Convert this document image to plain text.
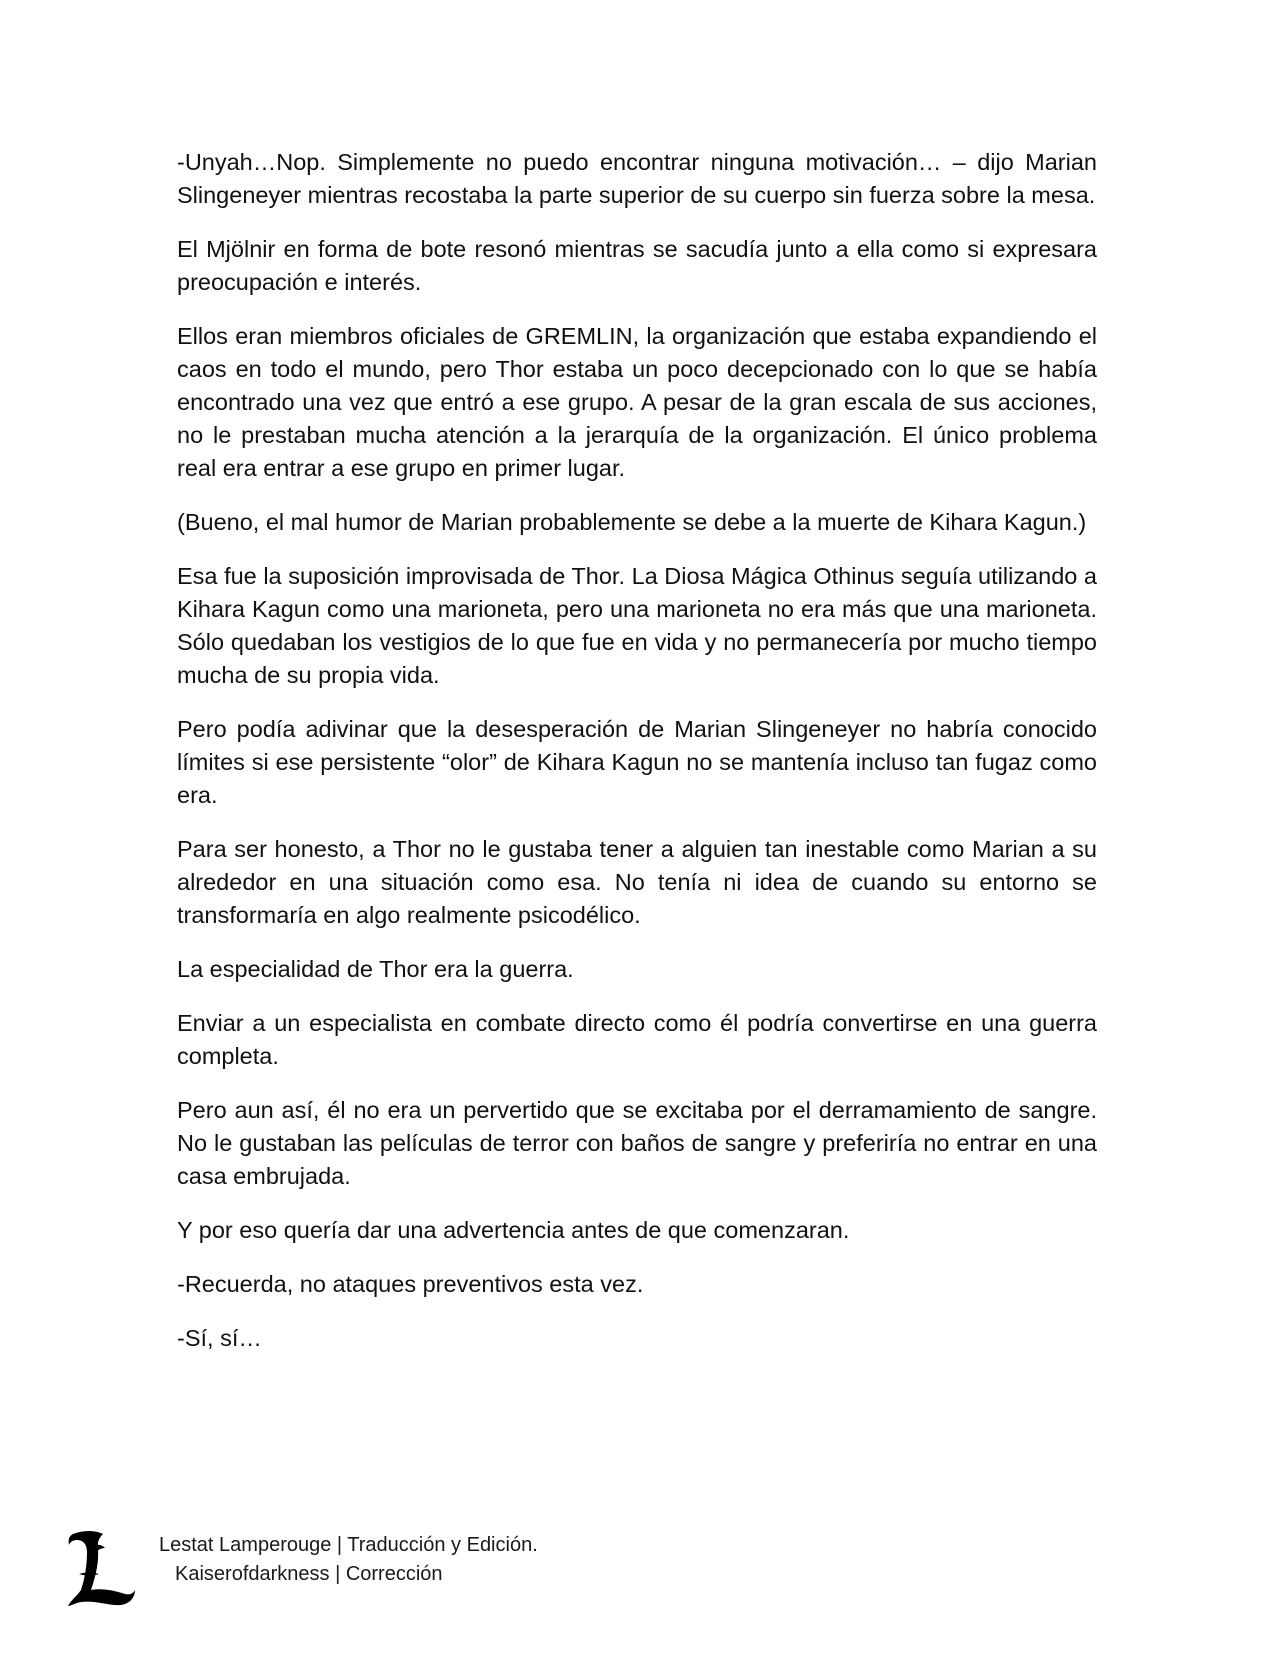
-Unyah…Nop. Simplemente no puedo encontrar ninguna motivación… – dijo Marian Slingeneyer mientras recostaba la parte superior de su cuerpo sin fuerza sobre la mesa.

El Mjölnir en forma de bote resonó mientras se sacudía junto a ella como si expresara preocupación e interés.

Ellos eran miembros oficiales de GREMLIN, la organización que estaba expandiendo el caos en todo el mundo, pero Thor estaba un poco decepcionado con lo que se había encontrado una vez que entró a ese grupo. A pesar de la gran escala de sus acciones, no le prestaban mucha atención a la jerarquía de la organización. El único problema real era entrar a ese grupo en primer lugar.

(Bueno, el mal humor de Marian probablemente se debe a la muerte de Kihara Kagun.)

Esa fue la suposición improvisada de Thor. La Diosa Mágica Othinus seguía utilizando a Kihara Kagun como una marioneta, pero una marioneta no era más que una marioneta. Sólo quedaban los vestigios de lo que fue en vida y no permanecería por mucho tiempo mucha de su propia vida.

Pero podía adivinar que la desesperación de Marian Slingeneyer no habría conocido límites si ese persistente “olor” de Kihara Kagun no se mantenía incluso tan fugaz como era.

Para ser honesto, a Thor no le gustaba tener a alguien tan inestable como Marian a su alrededor en una situación como esa. No tenía ni idea de cuando su entorno se transformaría en algo realmente psicodélico.

La especialidad de Thor era la guerra.

Enviar a un especialista en combate directo como él podría convertirse en una guerra completa.

Pero aun así, él no era un pervertido que se excitaba por el derramamiento de sangre. No le gustaban las películas de terror con baños de sangre y preferiría no entrar en una casa embrujada.

Y por eso quería dar una advertencia antes de que comenzaran.

-Recuerda, no ataques preventivos esta vez.

-Sí, sí…

Lestat Lamperouge | Traducción y Edición.
Kaiserofdarkness | Corrección
